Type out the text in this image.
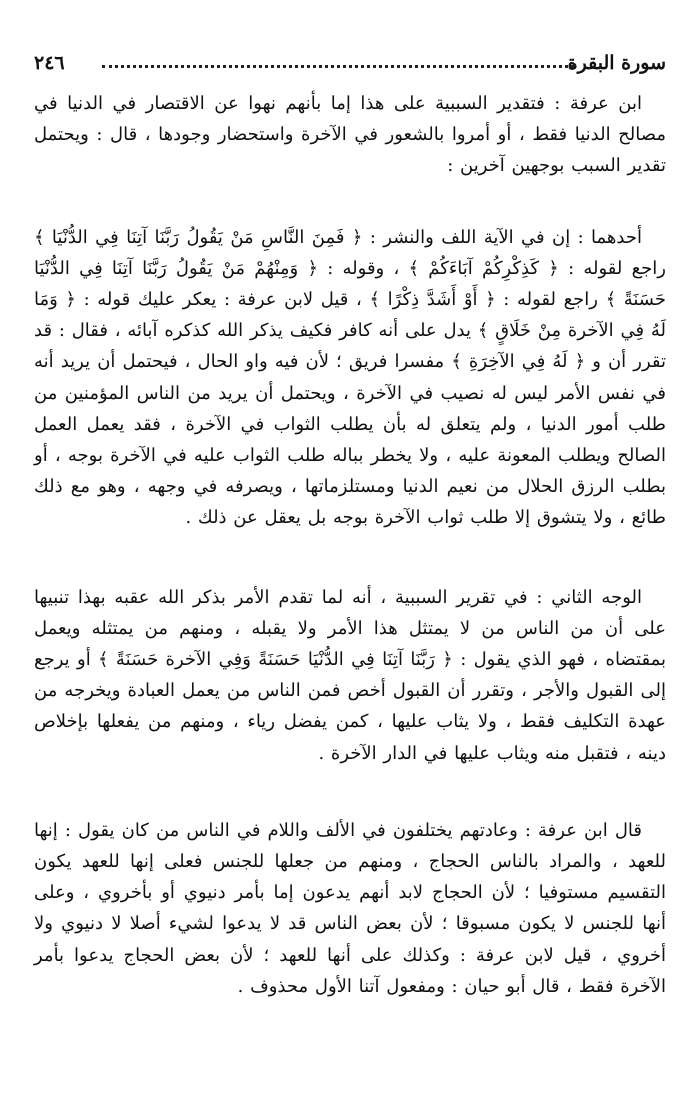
٢٤٦	سورة البقرة

ابن عرفة : فتقدير السببية على هذا إما بأنهم نهوا عن الاقتصار في الدنيا في مصالح الدنيا فقط ، أو أمروا بالشعور في الآخرة واستحضار وجودها ، قال : ويحتمل تقدير السبب بوجهين آخرين :

أحدهما : إن في الآية اللف والنشر : ﴿ فَمِنَ النَّاسِ مَنْ يَقُولُ رَبَّنَا آتِنَا فِي الدُّنْيَا ﴾ راجع لقوله : ﴿ كَذِكْرِكُمْ آبَاءَكُمْ ﴾ ، وقوله : ﴿ وَمِنْهُمْ مَنْ يَقُولُ رَبَّنَا آتِنَا فِي الدُّنْيَا حَسَنَةً ﴾ راجع لقوله : ﴿ أَوْ أَشَدَّ ذِكْرًا ﴾ ، قيل لابن عرفة : يعكر عليك قوله : ﴿ وَمَا لَهُ فِي الآخرة مِنْ خَلَاقٍ ﴾ يدل على أنه كافر فكيف يذكر الله كذكره آبائه ، فقال : قد تقرر أن و ﴿ لَهُ فِي الآخِرَةِ ﴾ مفسرا فريق ؛ لأن فيه واو الحال ، فيحتمل أن يريد أنه في نفس الأمر ليس له نصيب في الآخرة ، ويحتمل أن يريد من الناس المؤمنين من طلب أمور الدنيا ، ولم يتعلق له بأن يطلب الثواب في الآخرة ، فقد يعمل العمل الصالح ويطلب المعونة عليه ، ولا يخطر بباله طلب الثواب عليه في الآخرة بوجه ، أو بطلب الرزق الحلال من نعيم الدنيا ومستلزماتها ، ويصرفه في وجهه ، وهو مع ذلك طائع ، ولا يتشوق إلا طلب ثواب الآخرة بوجه بل يعقل عن ذلك .

الوجه الثاني : في تقرير السببية ، أنه لما تقدم الأمر بذكر الله عقبه بهذا تنبيها على أن من الناس من لا يمتثل هذا الأمر ولا يقبله ، ومنهم من يمتثله ويعمل بمقتضاه ، فهو الذي يقول : ﴿ رَبَّنَا آتِنَا فِي الدُّنْيَا حَسَنَةً وَفِي الآخرة حَسَنَةً ﴾ أو يرجع إلى القبول والأجر ، وتقرر أن القبول أخص فمن الناس من يعمل العبادة ويخرجه من عهدة التكليف فقط ، ولا يثاب عليها ، كمن يفضل رياء ، ومنهم من يفعلها بإخلاص دينه ، فتقبل منه ويثاب عليها في الدار الآخرة .

قال ابن عرفة : وعادتهم يختلفون في الألف واللام في الناس من كان يقول : إنها للعهد ، والمراد بالناس الحجاج ، ومنهم من جعلها للجنس فعلى إنها للعهد يكون التقسيم مستوفيا ؛ لأن الحجاج لابد أنهم يدعون إما بأمر دنيوي أو بأخروي ، وعلى أنها للجنس لا يكون مسبوقا ؛ لأن بعض الناس قد لا يدعوا لشيء أصلا لا دنيوي ولا أخروي ، قيل لابن عرفة : وكذلك على أنها للعهد ؛ لأن بعض الحجاج يدعوا بأمر الآخرة فقط ، قال أبو حيان : ومفعول آتنا الأول محذوف .
